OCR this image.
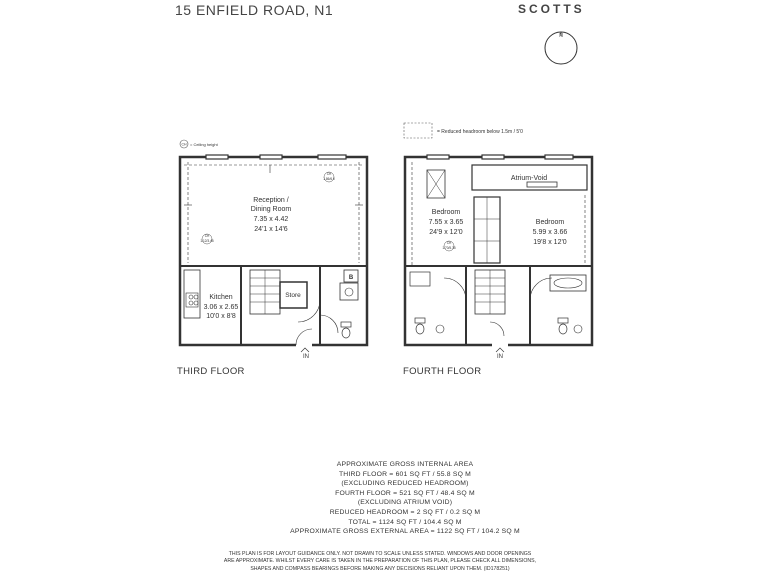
15 ENFIELD ROAD, N1	SCOTTS
N
CH = Ceiling height
= Reduced headroom below 1.5m / 5'0
Reception /
Dining Room
7.35 x 4.42
24'1 x 14'6
CH
1.86/6.0
CH
1.12/3.45
Kitchen
3.06 x 2.65
10'0 x 8'8
Store
B
IN
Atrium-Void
Bedroom
7.55 x 3.65
24'9 x 12'0
CH
1.70/5.35
Bedroom
5.99 x 3.66
19'8 x 12'0
IN
THIRD FLOOR	FOURTH FLOOR
APPROXIMATE GROSS INTERNAL AREA
THIRD FLOOR = 601 SQ FT / 55.8 SQ M
(EXCLUDING REDUCED HEADROOM)
FOURTH FLOOR = 521 SQ FT / 48.4 SQ M
(EXCLUDING ATRIUM VOID)
REDUCED HEADROOM = 2 SQ FT / 0.2 SQ M
TOTAL = 1124 SQ FT / 104.4 SQ M
APPROXIMATE GROSS EXTERNAL AREA = 1122 SQ FT / 104.2 SQ M
THIS PLAN IS FOR LAYOUT GUIDANCE ONLY. NOT DRAWN TO SCALE UNLESS STATED. WINDOWS AND DOOR OPENINGS
ARE APPROXIMATE. WHILST EVERY CARE IS TAKEN IN THE PREPARATION OF THIS PLAN, PLEASE CHECK ALL DIMENSIONS,
SHAPES AND COMPASS BEARINGS BEFORE MAKING ANY DECISIONS RELIANT UPON THEM. (ID178251)
